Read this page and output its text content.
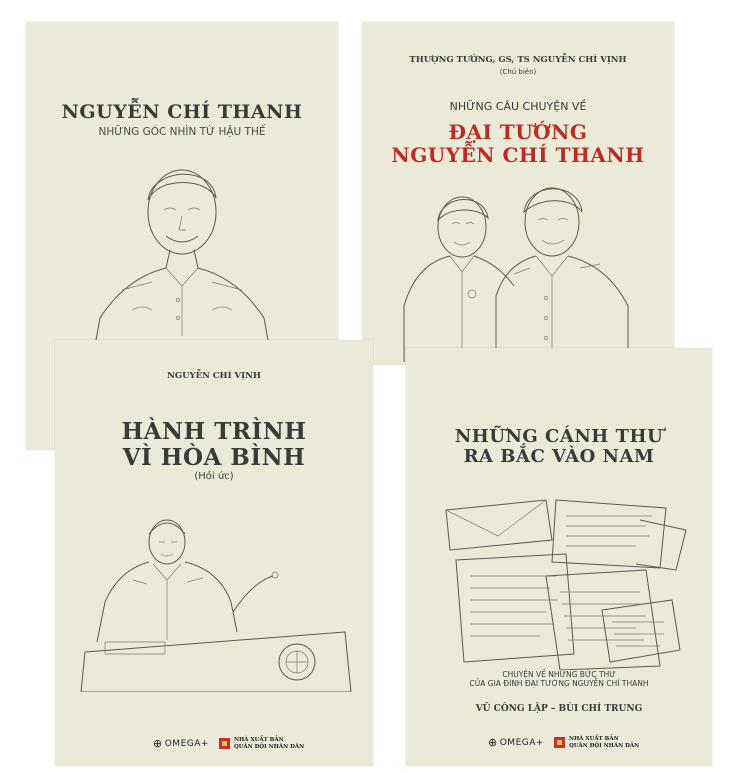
NGUYỄN CHÍ THANH
NHỮNG GÓC NHÌN TỪ HẬU THẾ
THƯỢNG TƯỚNG, GS, TS NGUYỄN CHÍ VỊNH
(Chủ biên)
NHỮNG CÂU CHUYỆN VỀ
ĐẠI TƯỚNG
NGUYỄN CHÍ THANH
NGUYỄN CHÍ VỊNH
HÀNH TRÌNH
VÌ HÒA BÌNH
(Hồi ức)
⊕ OMEGA+	NHÀ XUẤT BẢN
QUÂN ĐỘI NHÂN DÂN
NHỮNG CÁNH THƯ
RA BẮC VÀO NAM
CHUYỆN VỀ NHỮNG BỨC THƯ
CỦA GIA ĐÌNH ĐẠI TƯỚNG NGUYỄN CHÍ THANH
VŨ CÔNG LẬP – BÙI CHÍ TRUNG
⊕ OMEGA+	NHÀ XUẤT BẢN
QUÂN ĐỘI NHÂN DÂN
